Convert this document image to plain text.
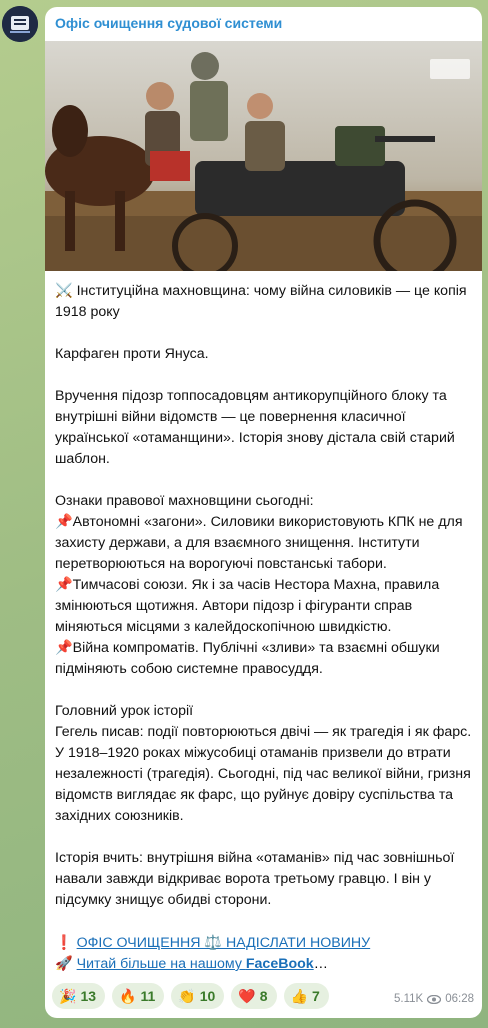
Офіс очищення судової системи

⚔️ Інституційна махновщина: чому війна силовиків — це копія 1918 року

Карфаген проти Януса.

Вручення підозр топпосадовцям антикорупційного блоку та внутрішні війни відомств — це повернення класичної української «отаманщини». Історія знову дістала свій старий шаблон.

Ознаки правової махновщини сьогодні:
📌Автономні «загони». Силовики використовують КПК не для захисту держави, а для взаємного знищення. Інститути перетворюються на ворогуючі повстанські табори.
📌Тимчасові союзи. Як і за часів Нестора Махна, правила змінюються щотижня. Автори підозр і фігуранти справ міняються місцями з калейдоскопічною швидкістю.
📌Війна компроматів. Публічні «зливи» та взаємні обшуки підміняють собою системне правосуддя.

Головний урок історії
Гегель писав: події повторюються двічі — як трагедія і як фарс. У 1918–1920 роках міжусобиці отаманів призвели до втрати незалежності (трагедія). Сьогодні, під час великої війни, гризня відомств виглядає як фарс, що руйнує довіру суспільства та західних союзників.

Історія вчить: внутрішня війна «отаманів» під час зовнішньої навали завжди відкриває ворота третьому гравцю. І він у підсумку знищує обидві сторони.

❗ ОФІС ОЧИЩЕННЯ ⚖️ НАДІСЛАТИ НОВИНУ
🚀 Читай більше на нашому FaceBook…
🎉 13 🔥 11 👏 10 ❤️ 8 👍 7	5.11K 06:28
